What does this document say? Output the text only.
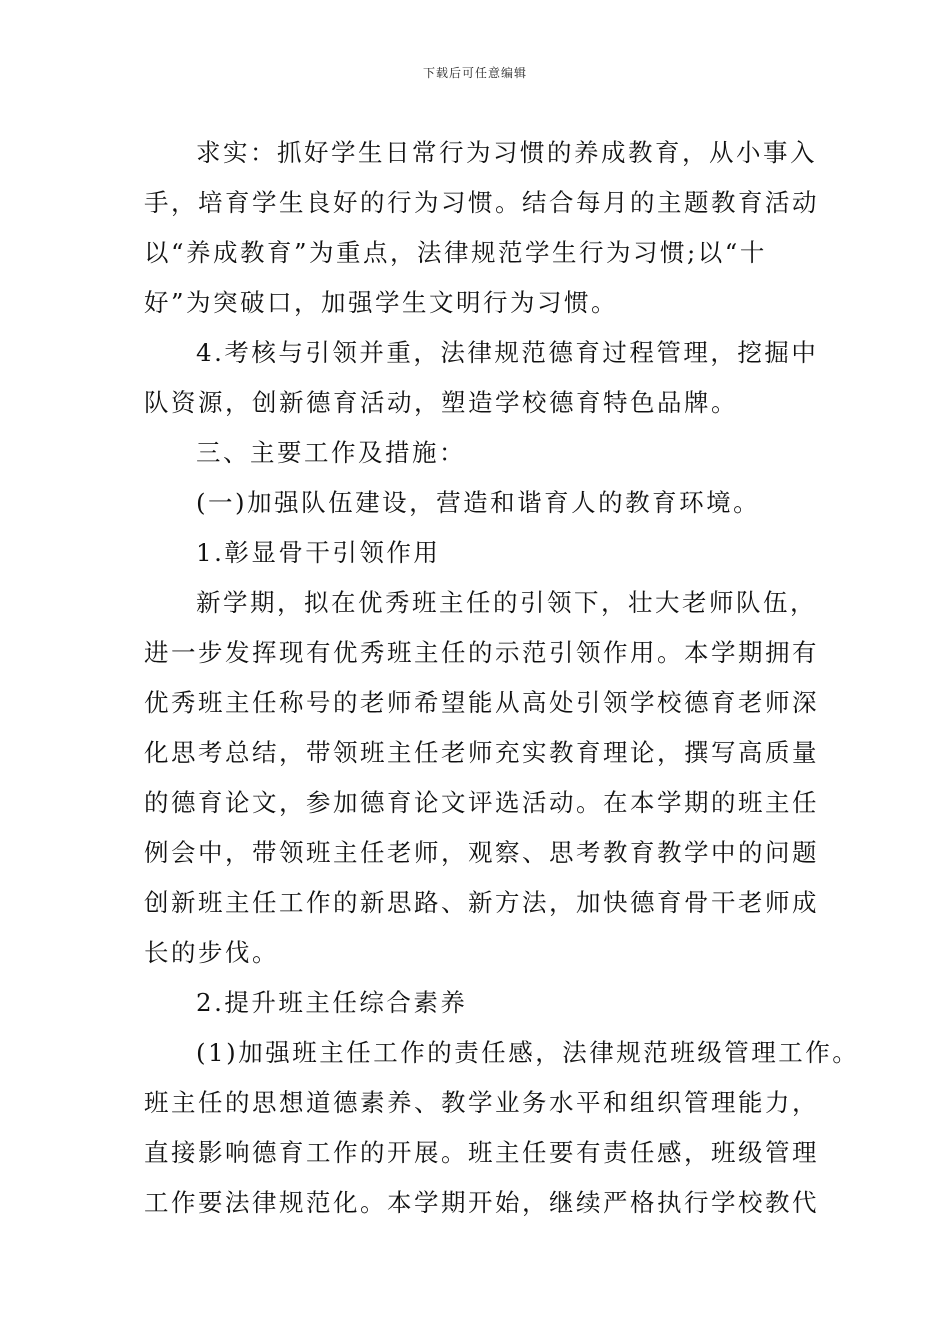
下载后可任意编辑
求实：抓好学生日常行为习惯的养成教育，从小事入
手，培育学生良好的行为习惯。结合每月的主题教育活动
以“养成教育”为重点，法律规范学生行为习惯;以“十
好”为突破口，加强学生文明行为习惯。
4.考核与引领并重，法律规范德育过程管理，挖掘中
队资源，创新德育活动，塑造学校德育特色品牌。
三、主要工作及措施：
(一)加强队伍建设，营造和谐育人的教育环境。
1.彰显骨干引领作用
新学期，拟在优秀班主任的引领下，壮大老师队伍，
进一步发挥现有优秀班主任的示范引领作用。本学期拥有
优秀班主任称号的老师希望能从高处引领学校德育老师深
化思考总结，带领班主任老师充实教育理论，撰写高质量
的德育论文，参加德育论文评选活动。在本学期的班主任
例会中，带领班主任老师，观察、思考教育教学中的问题
创新班主任工作的新思路、新方法，加快德育骨干老师成
长的步伐。
2.提升班主任综合素养
(1)加强班主任工作的责任感，法律规范班级管理工作。
班主任的思想道德素养、教学业务水平和组织管理能力，
直接影响德育工作的开展。班主任要有责任感，班级管理
工作要法律规范化。本学期开始，继续严格执行学校教代
